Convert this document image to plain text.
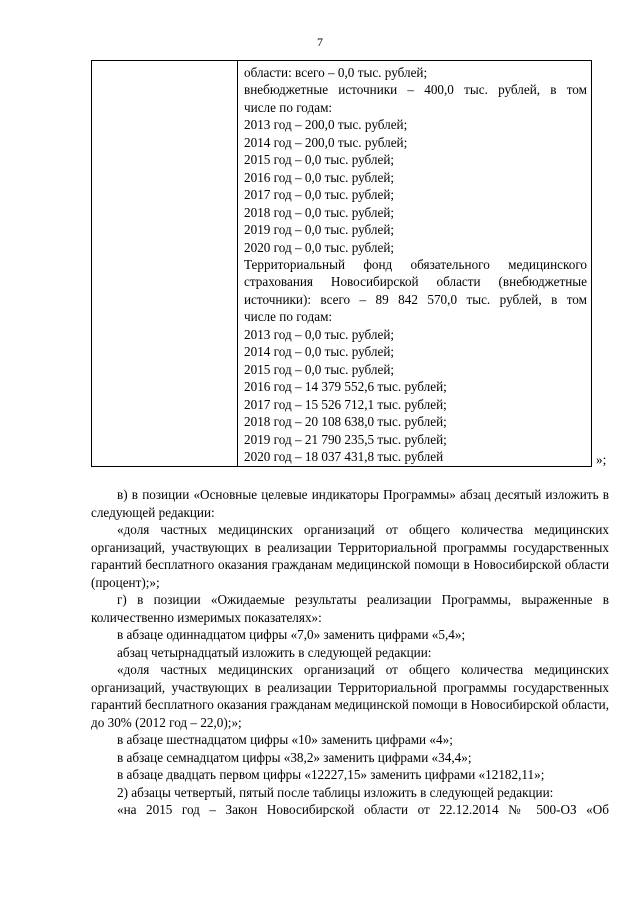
7
области: всего – 0,0 тыс. рублей;
внебюджетные источники – 400,0 тыс. рублей, в том
числе по годам:
2013 год – 200,0 тыс. рублей;
2014 год – 200,0 тыс. рублей;
2015 год – 0,0 тыс. рублей;
2016 год – 0,0 тыс. рублей;
2017 год – 0,0 тыс. рублей;
2018 год – 0,0 тыс. рублей;
2019 год – 0,0 тыс. рублей;
2020 год – 0,0 тыс. рублей;
Территориальный фонд обязательного медицинского
страхования Новосибирской области (внебюджетные
источники): всего – 89 842 570,0 тыс. рублей, в том
числе по годам:
2013 год – 0,0 тыс. рублей;
2014 год – 0,0 тыс. рублей;
2015 год – 0,0 тыс. рублей;
2016 год – 14 379 552,6 тыс. рублей;
2017 год – 15 526 712,1 тыс. рублей;
2018 год – 20 108 638,0 тыс. рублей;
2019 год – 21 790 235,5 тыс. рублей;
2020 год – 18 037 431,8 тыс. рублей	»;

в) в позиции «Основные целевые индикаторы Программы» абзац десятый изложить в следующей редакции:

«доля частных медицинских организаций от общего количества медицинских организаций, участвующих в реализации Территориальной программы государственных гарантий бесплатного оказания гражданам медицинской помощи в Новосибирской области (процент);»;

г) в позиции «Ожидаемые результаты реализации Программы, выраженные в количественно измеримых показателях»:

в абзаце одиннадцатом цифры «7,0» заменить цифрами «5,4»;

абзац четырнадцатый изложить в следующей редакции:

«доля частных медицинских организаций от общего количества медицинских организаций, участвующих в реализации Территориальной программы государственных гарантий бесплатного оказания гражданам медицинской помощи в Новосибирской области, до 30% (2012 год – 22,0);»;

в абзаце шестнадцатом цифры «10» заменить цифрами «4»;

в абзаце семнадцатом цифры «38,2» заменить цифрами «34,4»;

в абзаце двадцать первом цифры «12227,15» заменить цифрами «12182,11»;

2) абзацы четвертый, пятый после таблицы изложить в следующей редакции:

«на 2015 год – Закон Новосибирской области от 22.12.2014 № 500-ОЗ «Об
